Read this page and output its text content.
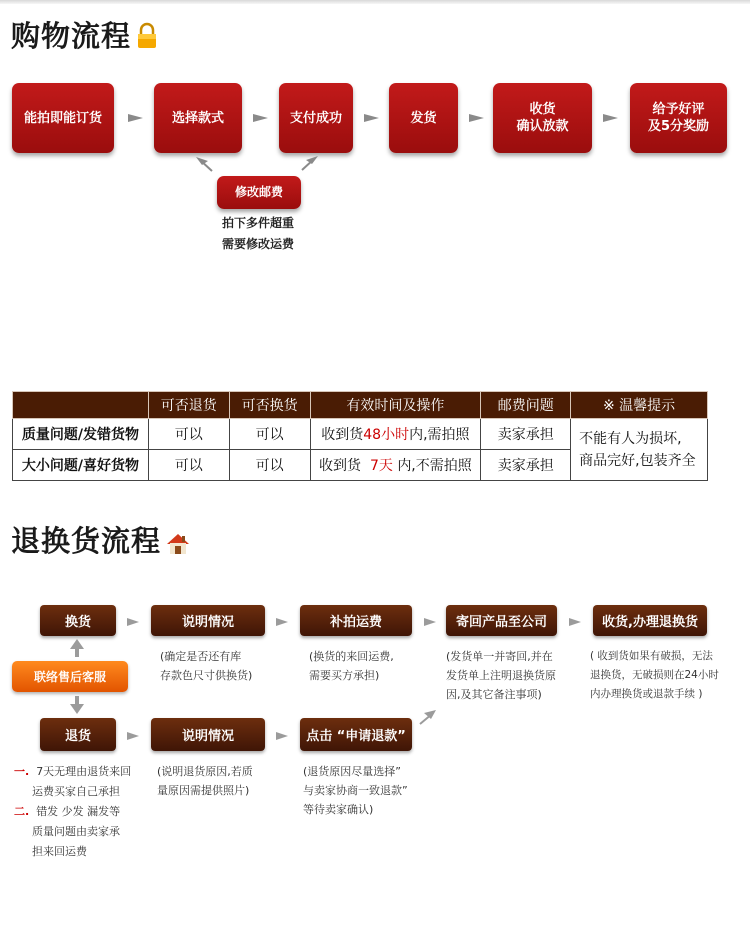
购物流程
能拍即能订货	选择款式	支付成功	发货
收货
确认放款
给予好评
及5分奖励
修改邮费
拍下多件超重
需要修改运费
	可否退货	可否换货	有效时间及操作	邮费问题	※ 温馨提示
质量问题/发错货物	可以	可以	收到货48小时内,需拍照	卖家承担	不能有人为损坏,
商品完好,包装齐全

大小问题/喜好货物	可以	可以	收到货 7天 内,不需拍照	卖家承担	
退换货流程
换货	说明情况	补拍运费	寄回产品至公司	收货,办理退换货
(确定是否还有库
存款色尺寸供换货)
(换货的来回运费,
需要买方承担)
(发货单一并寄回,并在
发货单上注明退换货原
因,及其它备注事项)
( 收到货如果有破损，无法
退换货，无破损则在24小时
内办理换货或退款手续 )
联络售后客服
退货	说明情况	点击 “申请退款”
(说明退货原因,若质
量原因需提供照片)
(退货原因尽量选择”
与卖家协商一致退款”
等待卖家确认)
一. 7天无理由退货来回
运费买家自己承担
二. 错发 少发 漏发等
质量问题由卖家承
担来回运费
